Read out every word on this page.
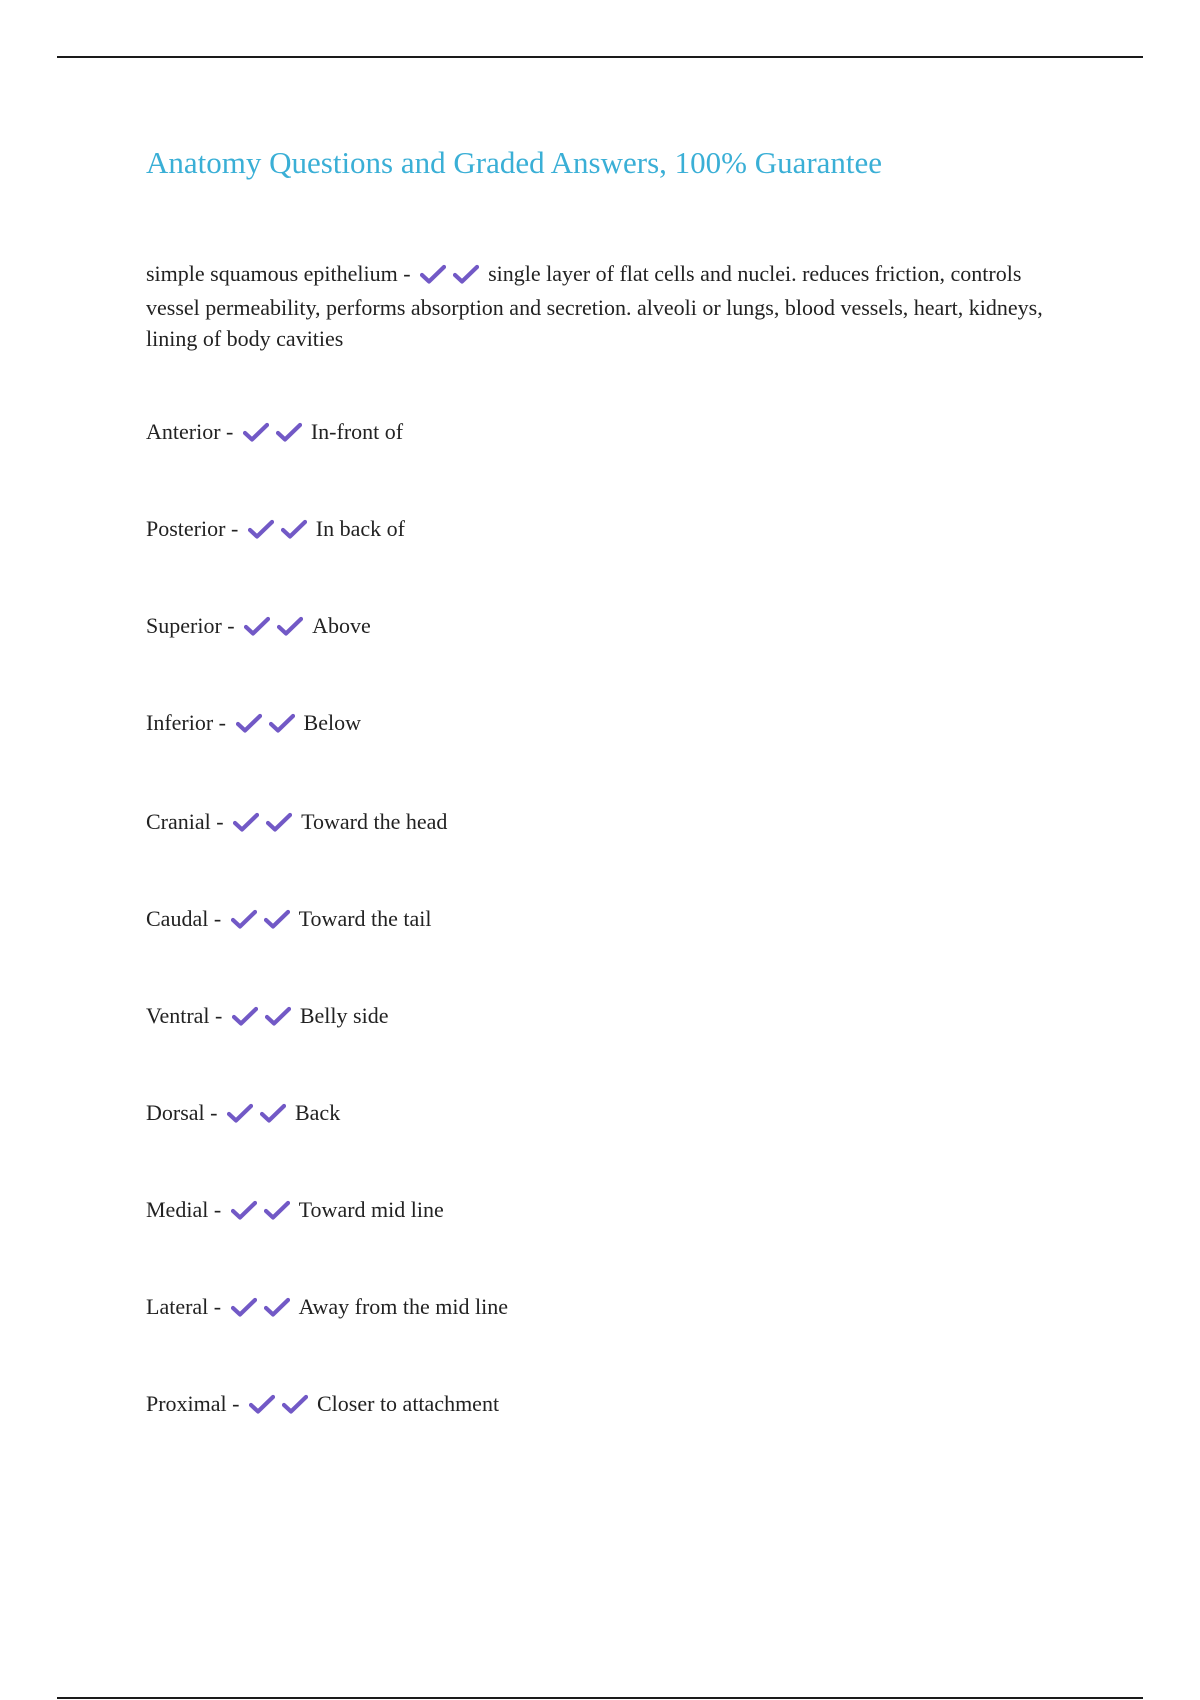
Anatomy Questions and Graded Answers, 100% Guarantee

simple squamous epithelium -	single layer of flat cells and nuclei. reduces friction, controls vessel permeability, performs absorption and secretion. alveoli or lungs, blood vessels, heart, kidneys, lining of body cavities

Anterior -	In-front of

Posterior -	In back of

Superior -	Above

Inferior -	Below

Cranial -	Toward the head

Caudal -	Toward the tail

Ventral -	Belly side

Dorsal -	Back

Medial -	Toward mid line

Lateral -	Away from the mid line

Proximal -	Closer to attachment
